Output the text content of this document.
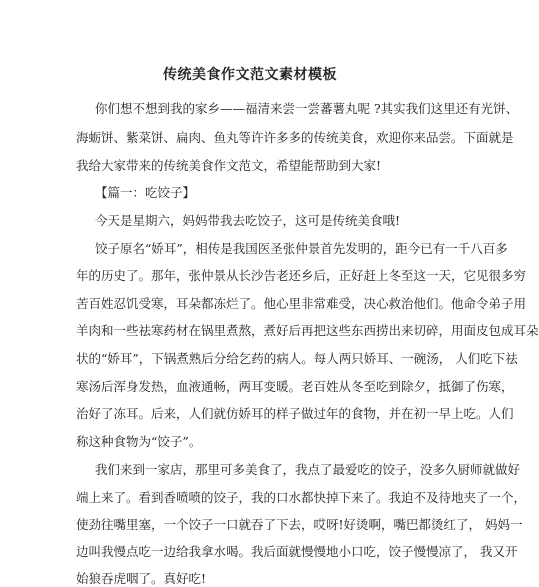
传统美食作文范文素材模板

你们想不想到我的家乡——福清来尝一尝蕃薯丸呢 ?其实我们这里还有光饼、

海蛎饼、紫菜饼、扁肉、鱼丸等许许多多的传统美食，欢迎你来品尝。下面就是

我给大家带来的传统美食作文范文，希望能帮助到大家!

【篇一：吃饺子】

今天是星期六，妈妈带我去吃饺子，这可是传统美食哦!

饺子原名“娇耳”，相传是我国医圣张仲景首先发明的，距今已有一千八百多

年的历史了。那年，张仲景从长沙告老还乡后，正好赶上冬至这一天，它见很多穷

苦百姓忍饥受寒，耳朵都冻烂了。他心里非常难受，决心救治他们。他命令弟子用

羊肉和一些祛寒药材在锅里煮熬，煮好后再把这些东西捞出来切碎，用面皮包成耳朵

状的“娇耳”，下锅煮熟后分给乞药的病人。每人两只娇耳、一碗汤， 人们吃下祛

寒汤后浑身发热，血液通畅，两耳变暖。老百姓从冬至吃到除夕，抵御了伤寒，

治好了冻耳。后来，人们就仿娇耳的样子做过年的食物，并在初一早上吃。人们

称这种食物为“饺子”。

我们来到一家店，那里可多美食了，我点了最爱吃的饺子，没多久厨师就做好

端上来了。看到香喷喷的饺子，我的口水都快掉下来了。我迫不及待地夹了一个，

使劲往嘴里塞，一个饺子一口就吞了下去，哎呀!好烫啊，嘴巴都烫红了， 妈妈一

边叫我慢点吃一边给我拿水喝。我后面就慢慢地小口吃，饺子慢慢凉了， 我又开

始狼吞虎咽了。真好吃!
